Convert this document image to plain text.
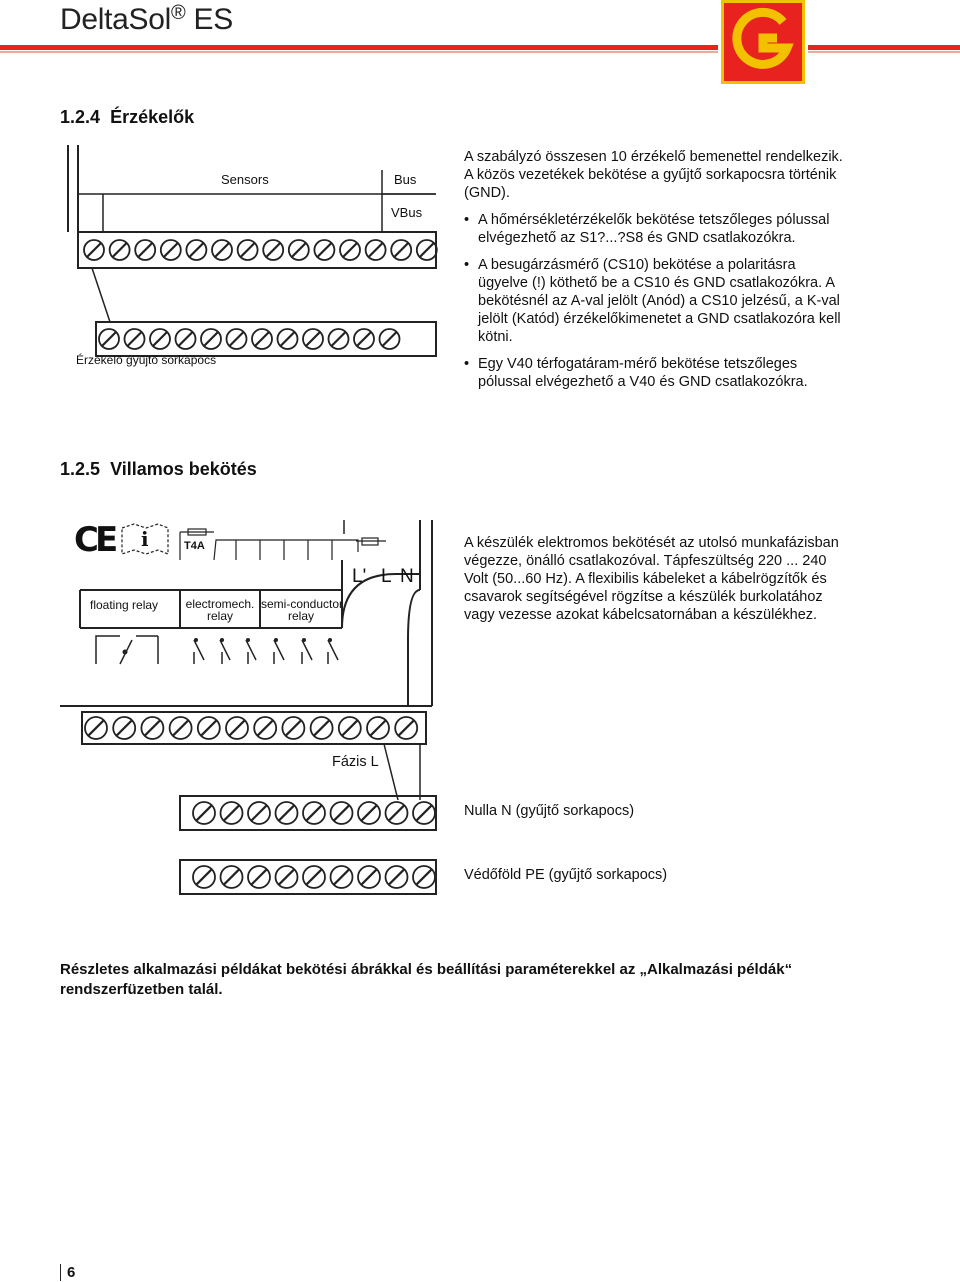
DeltaSol® ES
1.2.4 Érzékelők
Sensors	Bus
VBus
Érzékelő gyűjtő sorkapocs

A szabályzó összesen 10 érzékelő bemenettel rendelkezik. A közös vezetékek bekötése a gyűjtő sorkapocsra történik (GND).

• A hőmérsékletérzékelők bekötése tetszőleges pólussal elvégezhető az S1?...?S8 és GND csatlakozókra.

• A besugárzásmérő (CS10) bekötése a polaritásra ügyelve (!) köthető be a CS10 és GND csatlakozókra. A bekötésnél az A-val jelölt (Anód) a CS10 jelzésű, a K-val jelölt (Katód) érzékelőkimenetet a GND csatlakozóra kell kötni.

• Egy V40 térfogatáram-mérő bekötése tetszőleges pólussal elvégezhető a V40 és GND csatlakozókra.

1.2.5 Villamos bekötés
CE i	T4A
L' L N
floating relay	electromech.
relay
semi-conductor
relay
Fázis L
Nulla N (gyűjtő sorkapocs)
Védőföld PE (gyűjtő sorkapocs)

A készülék elektromos bekötését az utolsó munkafázisban végezze, önálló csatlakozóval. Tápfeszültség 220 ... 240 Volt (50...60 Hz). A flexibilis kábeleket a kábelrögzítők és csavarok segítségével rögzítse a készülék burkolatához vagy vezesse azokat kábelcsatornában a készülékhez.

Részletes alkalmazási példákat bekötési ábrákkal és beállítási paraméterekkel az „Alkalmazási példák“ rendszerfüzetben talál.
6
